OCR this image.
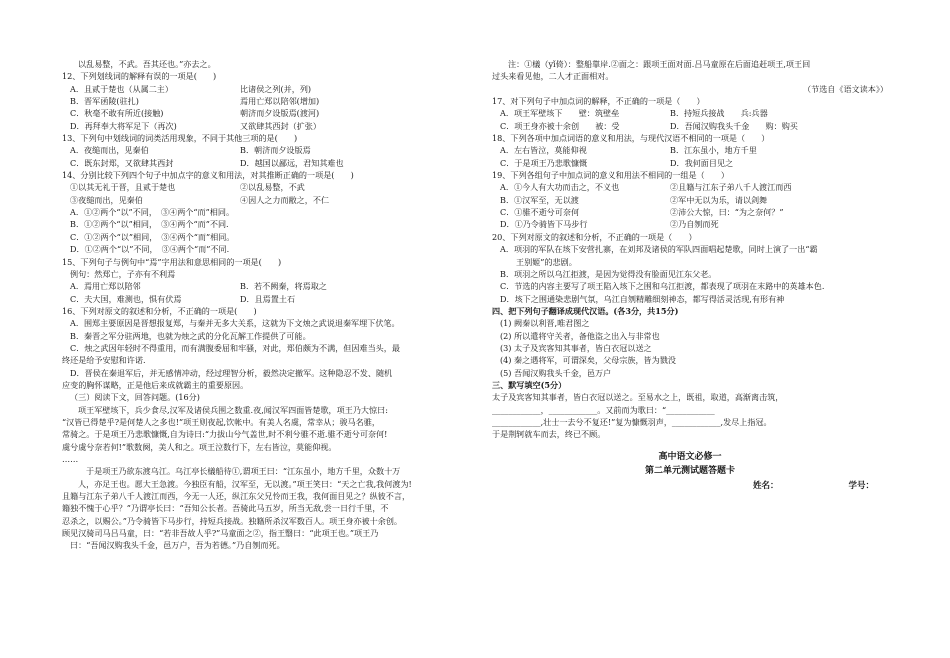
以乱易整，不武。吾其还也。”亦去之。
12、下列划线词的解释有误的一项是(　　)
A．且贰于楚也（从属二主）	比诸侯之列(并，列)
B．晋军函陵(驻扎)	焉用亡郑以陪邻(增加)
C．秋毫不敢有所近(接触)	朝济而夕设版焉(渡河)
D．再拜奉大将军足下（再次)	又欲肆其西封（扩张）
13、下列句中划线词的词类活用现象，不同于其他三项的是(　　)
A．夜缒而出，见秦伯	B．朝济而夕设版焉
C．既东封郑，又欲肆其西封	D．越国以鄙远，君知其难也
14、分别比较下列四个句子中加点字的意义和用法，对其推断正确的一项是(　　)
①以其无礼于晋，且贰于楚也	②以乱易整，不武
③夜缒而出，见秦伯	④因人之力而敝之，不仁
A．①②两个“以”不同，　③④两个“而”相同。
B．①②两个“以”相同，　③④两个“而”不同.
C．①②两个“以”相同，　③④两个“而”相同。
D．①②两个“以”不同，　③④两个“而”不同.
15、下列句子与例句中“焉”字用法和意思相同的一项是(　　)
例句：然郑亡，子亦有不利焉
A．焉用亡郑以陪邻	B．若不阙秦，将焉取之
C．夫大国，难测也，惧有伏焉	D．且焉置土石
16、下列对原文的叙述和分析，不正确的一项是(　　)
A．围郑主要原因是晋想报复郑，与秦并无多大关系，这就为下文烛之武说退秦军埋下伏笔。
B．秦晋之军分驻两地，也就为烛之武的分化瓦解工作提供了可能。
C．烛之武因年轻时不得重用，而有满腹委屈和牢骚，对此，郑伯颇为不满，但因难当头，最
终还是给予安慰和许诺.
D．晋侯在秦退军后，并无感情冲动，经过理智分析，毅然决定撤军。这种隐忍不发、随机
应变的胸怀谋略，正是他后来成就霸主的重要原因。
（三）阅读下文，回答问题。(16分)
项王军壁垓下，兵少食尽,汉军及诸侯兵围之数重.夜,闻汉军四面皆楚歌，项王乃大惊曰:
“汉皆已得楚乎?是何楚人之多也!”项王则夜起,饮帐中。有美人名虞，常幸从；骏马名骓，
常骑之。于是项王乃悲歌慷慨,自为诗曰:“力拔山兮气盖世,时不利兮骓不逝.骓不逝兮可奈何!
虞兮虞兮奈若何!”歌数阕，美人和之。项王泣数行下，左右皆泣，莫能仰视。
……
于是项王乃欲东渡乌江。乌江亭长檥船待①,谓项王曰：“江东虽小，地方千里，众数十万
人，亦足王也。愿大王急渡。今独臣有船，汉军至，无以渡。”项王笑曰：“天之亡我,我何渡为!
且籍与江东子弟八千人渡江而西，今无一人还，纵江东父兄怜而王我，我何面目见之？纵彼不言，
籍独不愧于心乎？”乃谓亭长曰：“吾知公长者。吾骑此马五岁，所当无敌,尝一日行千里，不
忍杀之，以赐公。”乃令骑皆下马步行，持短兵接战。独籍所杀汉军数百人。项王身亦被十余创。
顾见汉骑司马吕马童，曰：“若非吾故人乎?”马童面之②，指王翳曰：“此项王也。”项王乃
曰：“吾闻汉购我头千金，邑万户，吾为若德。”乃自刎而死。
注：①檥（yǐ倚）：整船靠岸.②面之：跟项王面对面.吕马童原在后面追赶项王,项王回
过头来看见他，二人才正面相对。
（节选自《语文读本》）
17、对下列句子中加点词的解释，不正确的一项是（　　）
A．项王军壁垓下　　壁：筑壁垒	B．持短兵接战　　兵:兵器
C．项王身亦被十余创　　被：受	D．吾闻汉购我头千金　　购：购买
18、下列各项中加点词语的意义和用法，与现代汉语不相同的一项是（　　）
A．左右皆泣，莫能仰视	B．江东虽小，地方千里
C．于是项王乃悲歌慷慨	D．我何面目见之
19、下列各组句子中加点词的意义和用法不相同的一组是（　　）
A．①今人有大功而击之，不义也	②且籍与江东子弟八千人渡江而西
B．①汉军至，无以渡	②军中无以为乐，请以剑舞
C．①骓不逝兮可奈何	②沛公大惊，曰：“为之奈何？”
D．①乃令骑皆下马步行	②乃自刎而死
20、下列对原文的叙述和分析，不正确的一项是（　　）
A．项羽的军队在垓下安营扎寨，在刘邦及诸侯的军队四面唱起楚歌，同时上演了一出“霸
王别姬”的悲剧。
B．项羽之所以乌江拒渡，是因为觉得没有脸面见江东父老。
C．节选的内容主要写了项王陷入垓下之围和乌江拒渡，都表现了项羽在末路中的英雄本色.
D．垓下之围通染悲剧气氛，乌江自刎精雕细刻神态，都写得活灵活现,有形有神
四、把下列句子翻译成现代汉语。(各3分，共15分)
(1) 阙秦以利晋,唯君图之
(2) 所以遣将守关者，备他盗之出入与非常也
(3) 太子及宾客知其事者，皆白衣冠以送之
(4) 秦之遇将军，可谓深矣，父母宗族，皆为戮没
(5) 吾闻汉购我头千金，邑万户
三、默写填空(5分）
太子及宾客知其事者，皆白衣冠以送之。至易水之上，既祖，取道，高渐离击筑，
____________，____________。又前而为歌曰：“____________
____________,壮士一去兮不复还!”复为慷慨羽声，____________,发尽上指冠。
于是荆轲就车而去，终已不顾。
高中语文必修一
第二单元测试题答题卡
姓名：	学号：
